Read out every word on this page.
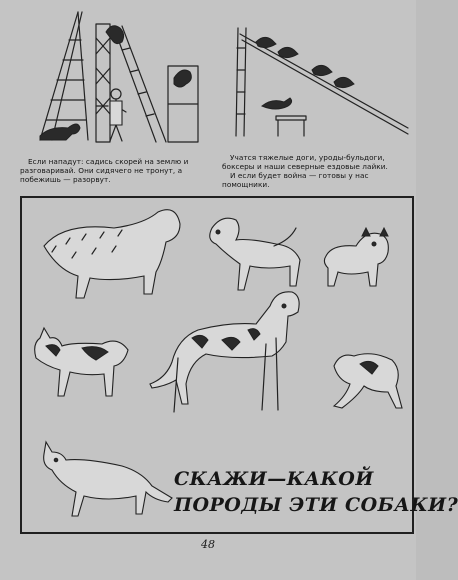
Если нападут: садись скорей на землю и разговаривай. Они сидячего не тронут, а побежишь — разорвут.

Учатся тяжелые доги, уроды-бульдоги, боксеры и наши северные ездовые лайки.

И если будет война — готовы у нас помощники.

СКАЖИ—КАКОЙ
ПОРОДЫ ЭТИ СОБАКИ?
48
